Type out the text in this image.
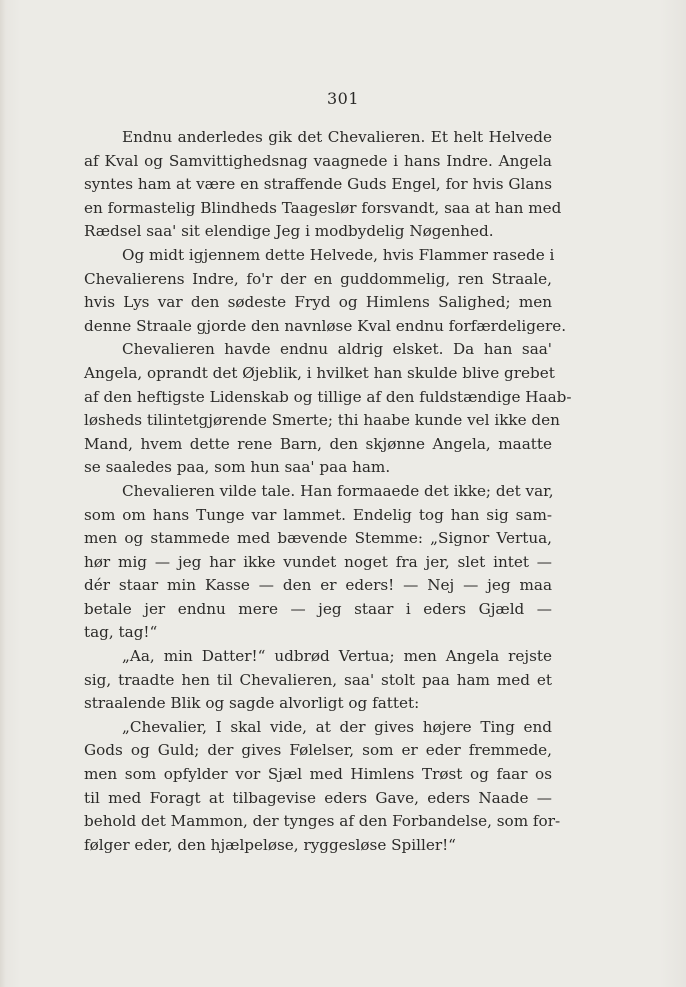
301
Endnu anderledes gik det Chevalieren. Et helt Helvede
af Kval og Samvittighedsnag vaagnede i hans Indre. Angela
syntes ham at være en straffende Guds Engel, for hvis Glans
en formastelig Blindheds Taageslør forsvandt, saa at han med
Rædsel saa' sit elendige Jeg i modbydelig Nøgenhed.
Og midt igjennem dette Helvede, hvis Flammer rasede i
Chevalierens Indre, fo'r der en guddommelig, ren Straale,
hvis Lys var den sødeste Fryd og Himlens Salighed; men
denne Straale gjorde den navnløse Kval endnu forfærdeligere.
Chevalieren havde endnu aldrig elsket. Da han saa'
Angela, oprandt det Øjeblik, i hvilket han skulde blive grebet
af den heftigste Lidenskab og tillige af den fuldstændige Haab-
løsheds tilintetgjørende Smerte; thi haabe kunde vel ikke den
Mand, hvem dette rene Barn, den skjønne Angela, maatte
se saaledes paa, som hun saa' paa ham.
Chevalieren vilde tale. Han formaaede det ikke; det var,
som om hans Tunge var lammet. Endelig tog han sig sam-
men og stammede med bævende Stemme: „Signor Vertua,
hør mig — jeg har ikke vundet noget fra jer, slet intet —
dér staar min Kasse — den er eders! — Nej — jeg maa
betale jer endnu mere — jeg staar i eders Gjæld —
tag, tag!“
„Aa, min Datter!“ udbrød Vertua; men Angela rejste
sig, traadte hen til Chevalieren, saa' stolt paa ham med et
straalende Blik og sagde alvorligt og fattet:
„Chevalier, I skal vide, at der gives højere Ting end
Gods og Guld; der gives Følelser, som er eder fremmede,
men som opfylder vor Sjæl med Himlens Trøst og faar os
til med Foragt at tilbagevise eders Gave, eders Naade —
behold det Mammon, der tynges af den Forbandelse, som for-
følger eder, den hjælpeløse, ryggesløse Spiller!“
